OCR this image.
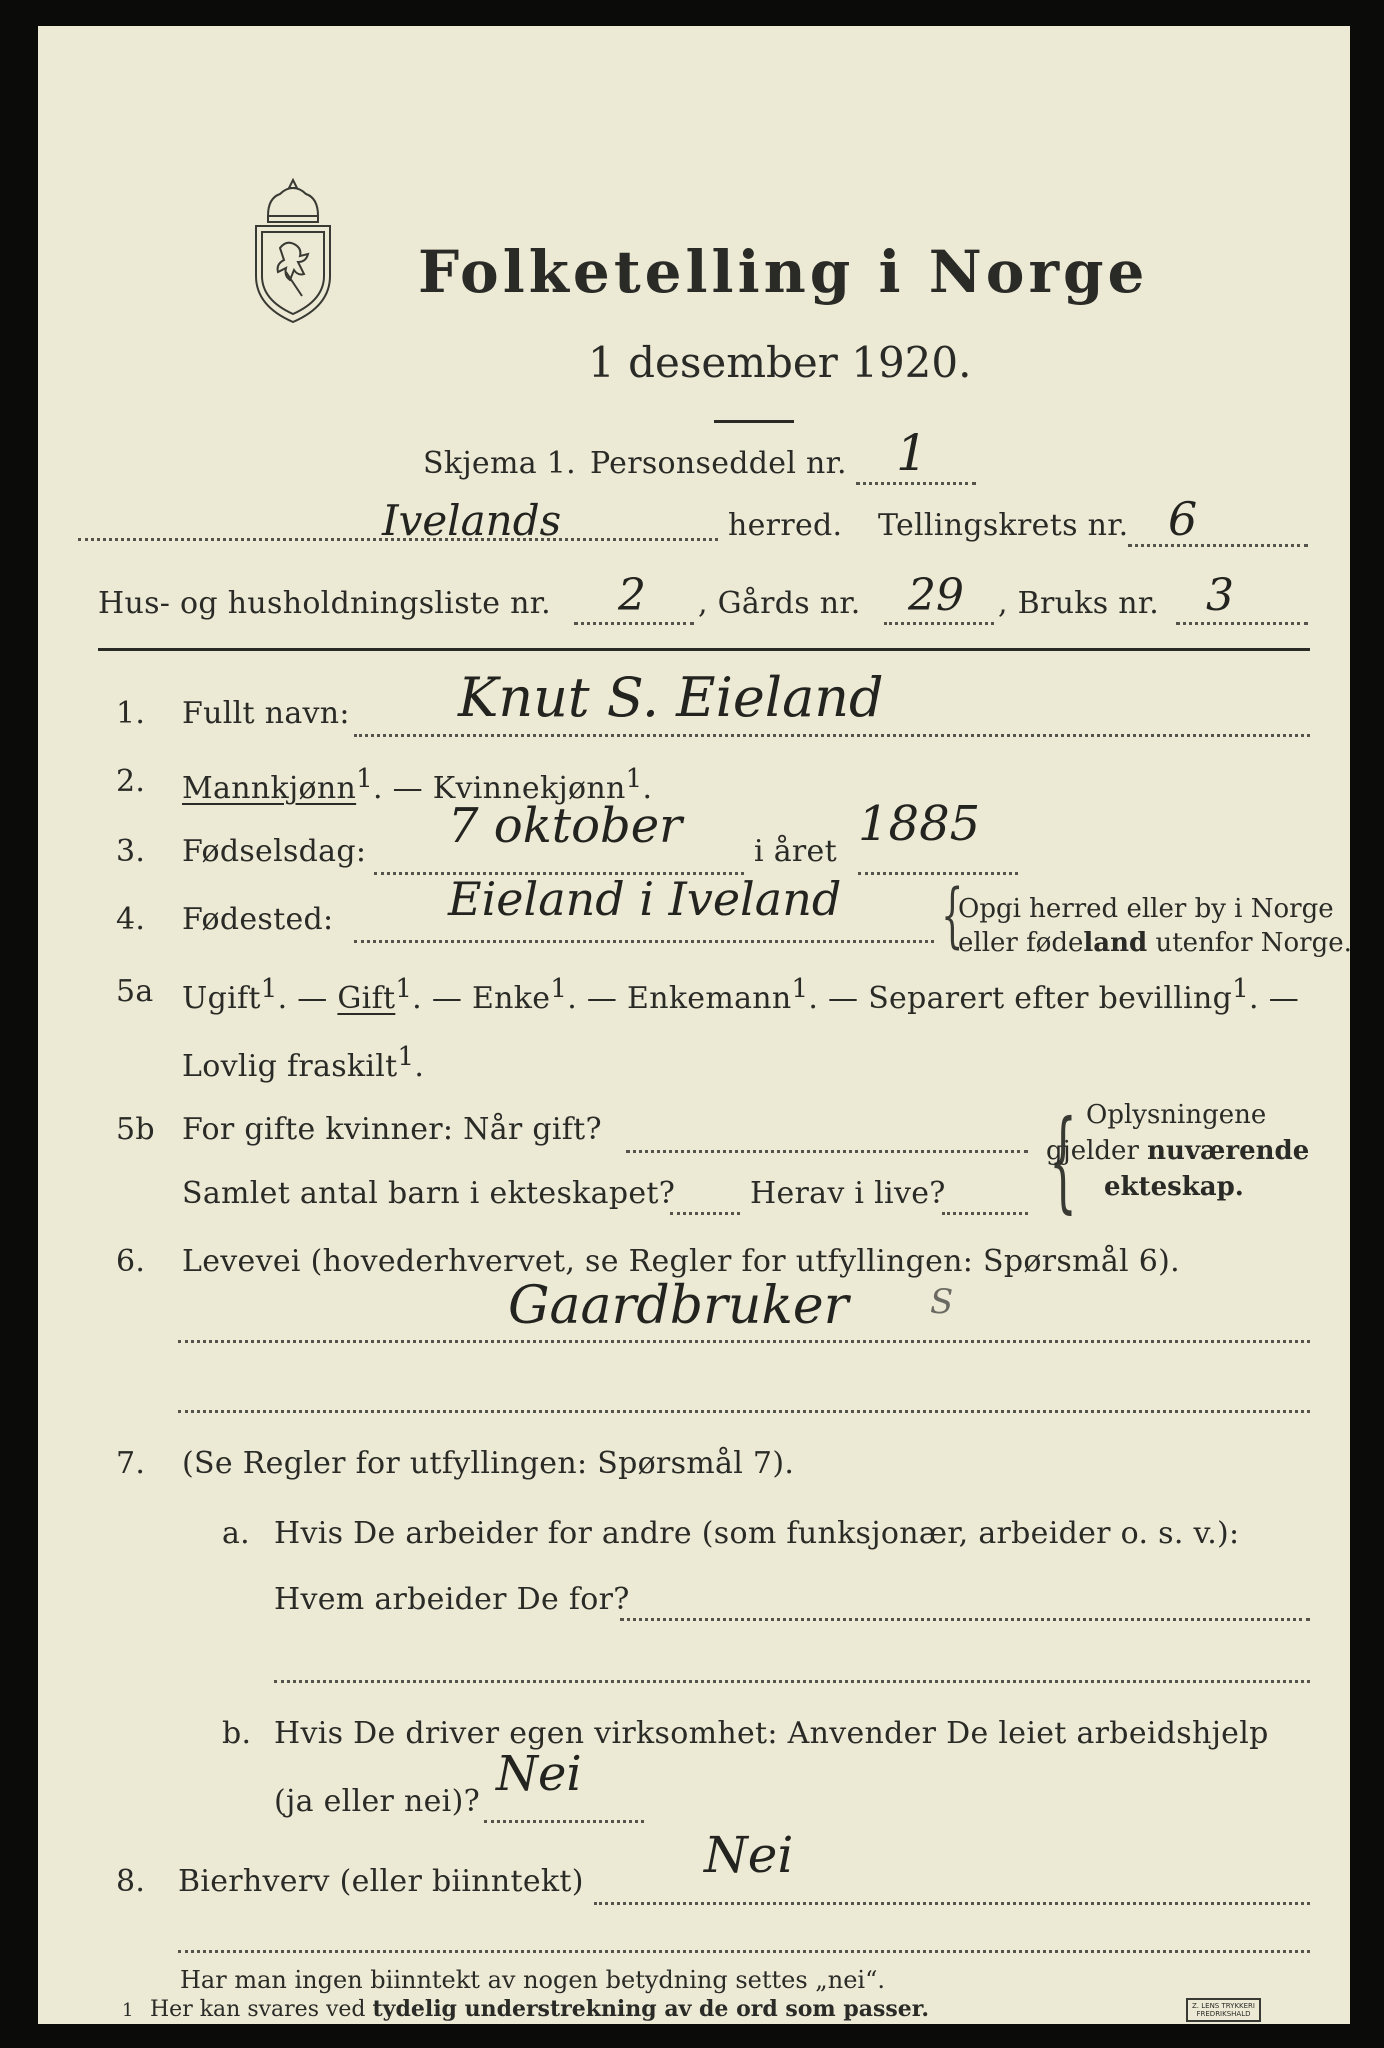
Folketelling i Norge
1 desember 1920.
Skjema 1. Personseddel nr. 1
Ivelands	herred. Tellingskrets nr. 6
Hus- og husholdningsliste nr. 2 , Gårds nr. 29 , Bruks nr. 3
1. Fullt navn: Knut S. Eieland
2. Mannkjønn$^1$. — Kvinnekjønn$^1$.
3. Fødselsdag: 7 oktober i året 1885
4. Fødested: Eieland i Iveland {
Opgi herred eller by i Norge
eller fødeland utenfor Norge.
5a Ugift$^1$. — Gift$^1$. — Enke$^1$. — Enkemann$^1$. — Separert efter bevilling$^1$. —
Lovlig fraskilt$^1$.
5b For gifte kvinner: Når gift?
Samlet antal barn i ekteskapet? Herav i live? { Oplysningene
gjelder nuværende
ekteskap.
6. Levevei (hovederhvervet, se Regler for utfyllingen: Spørsmål 6).
Gaardbruker S
7. (Se Regler for utfyllingen: Spørsmål 7).
a. Hvis De arbeider for andre (som funksjonær, arbeider o. s. v.):
Hvem arbeider De for?
b. Hvis De driver egen virksomhet: Anvender De leiet arbeidshjelp
(ja eller nei)? Nei
8. Bierhverv (eller biinntekt) Nei
Har man ingen biinntekt av nogen betydning settes „nei“.
1 Her kan svares ved tydelig understrekning av de ord som passer.	Z. LENS TRYKKERI
FREDRIKSHALD
